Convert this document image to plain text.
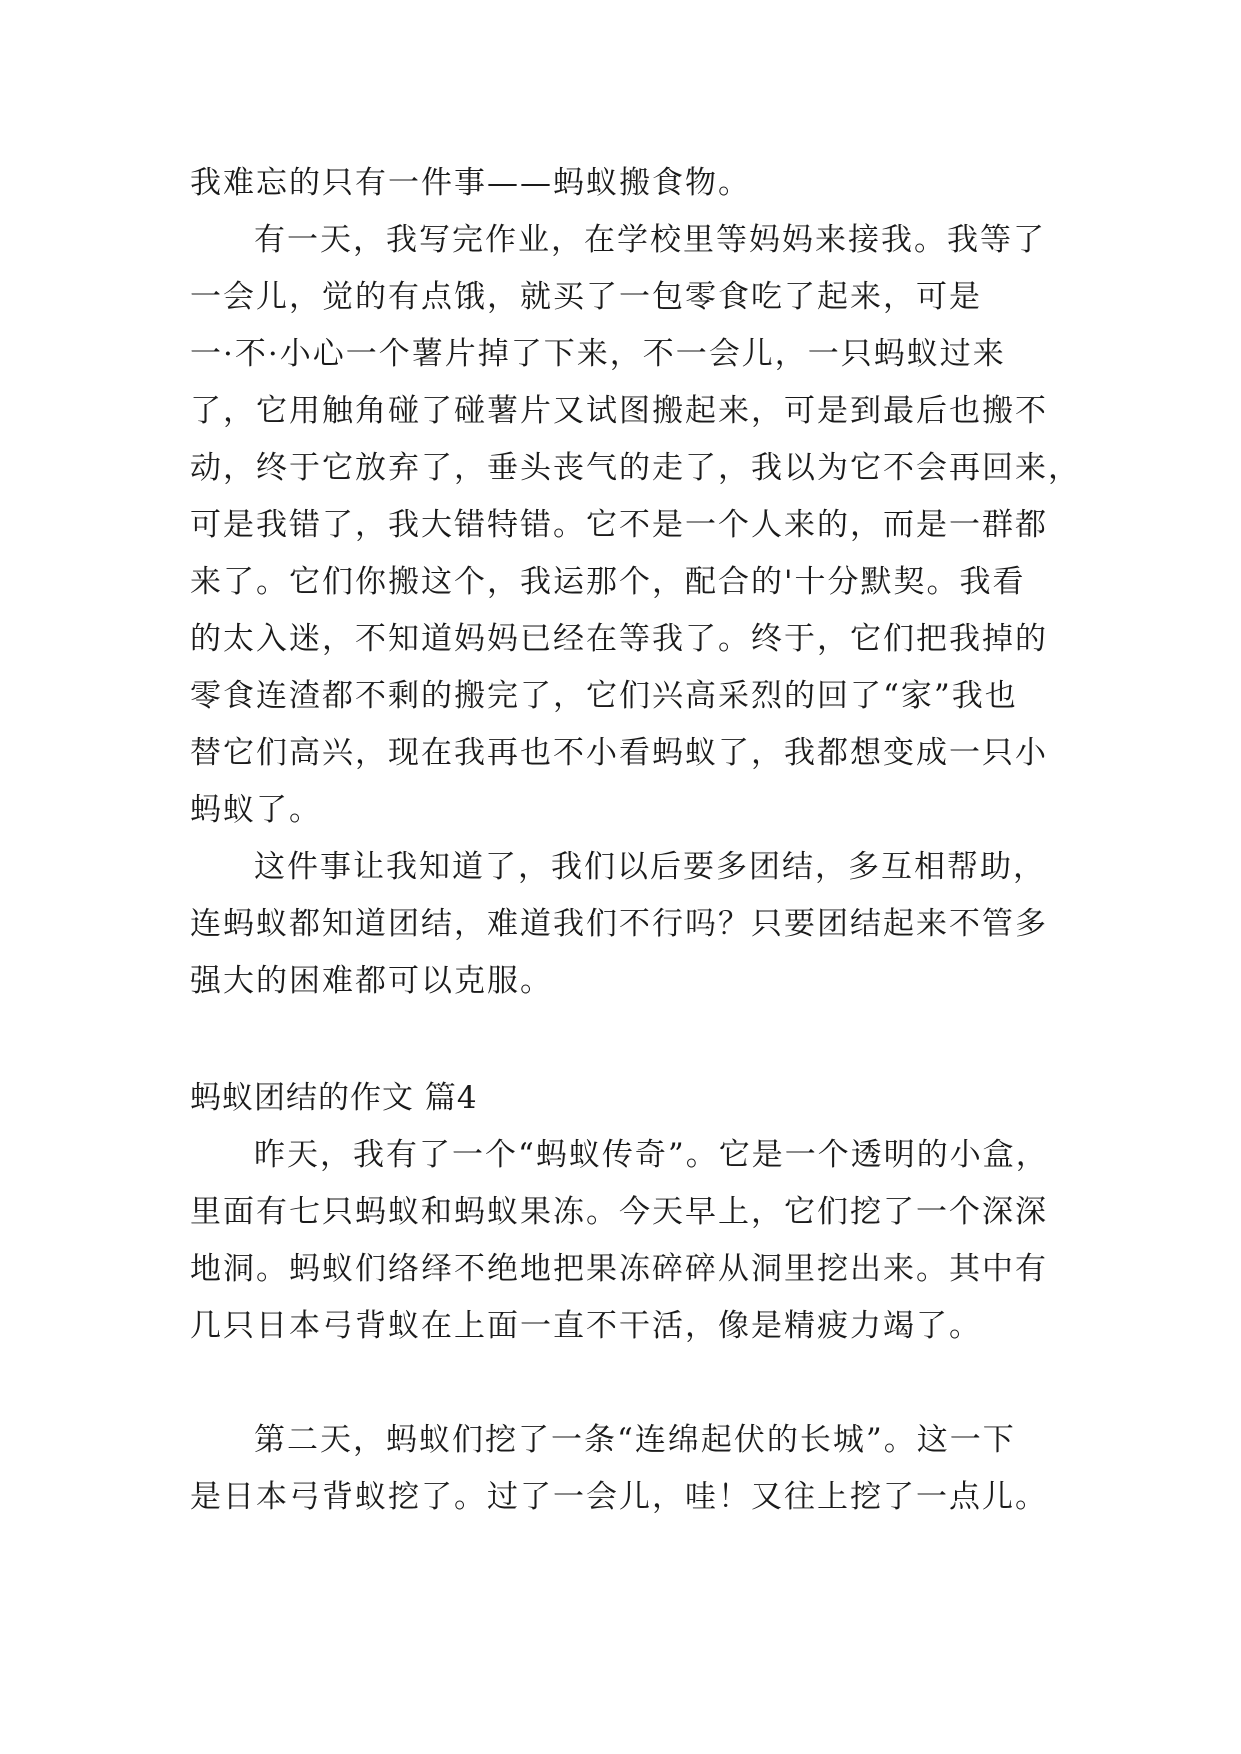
我难忘的只有一件事——蚂蚁搬食物。

有一天，我写完作业，在学校里等妈妈来接我。我等了

一会儿，觉的有点饿，就买了一包零食吃了起来，可是

一·不·小心一个薯片掉了下来，不一会儿，一只蚂蚁过来

了，它用触角碰了碰薯片又试图搬起来，可是到最后也搬不

动，终于它放弃了，垂头丧气的走了，我以为它不会再回来，

可是我错了，我大错特错。它不是一个人来的，而是一群都

来了。它们你搬这个，我运那个，配合的'十分默契。我看

的太入迷，不知道妈妈已经在等我了。终于，它们把我掉的

零食连渣都不剩的搬完了，它们兴高采烈的回了“家”我也

替它们高兴，现在我再也不小看蚂蚁了，我都想变成一只小

蚂蚁了。

这件事让我知道了，我们以后要多团结，多互相帮助，

连蚂蚁都知道团结，难道我们不行吗？只要团结起来不管多

强大的困难都可以克服。

蚂蚁团结的作文 篇4

昨天，我有了一个“蚂蚁传奇”。它是一个透明的小盒，

里面有七只蚂蚁和蚂蚁果冻。今天早上，它们挖了一个深深

地洞。蚂蚁们络绎不绝地把果冻碎碎从洞里挖出来。其中有

几只日本弓背蚁在上面一直不干活，像是精疲力竭了。

第二天，蚂蚁们挖了一条“连绵起伏的长城”。这一下

是日本弓背蚁挖了。过了一会儿，哇！又往上挖了一点儿。
